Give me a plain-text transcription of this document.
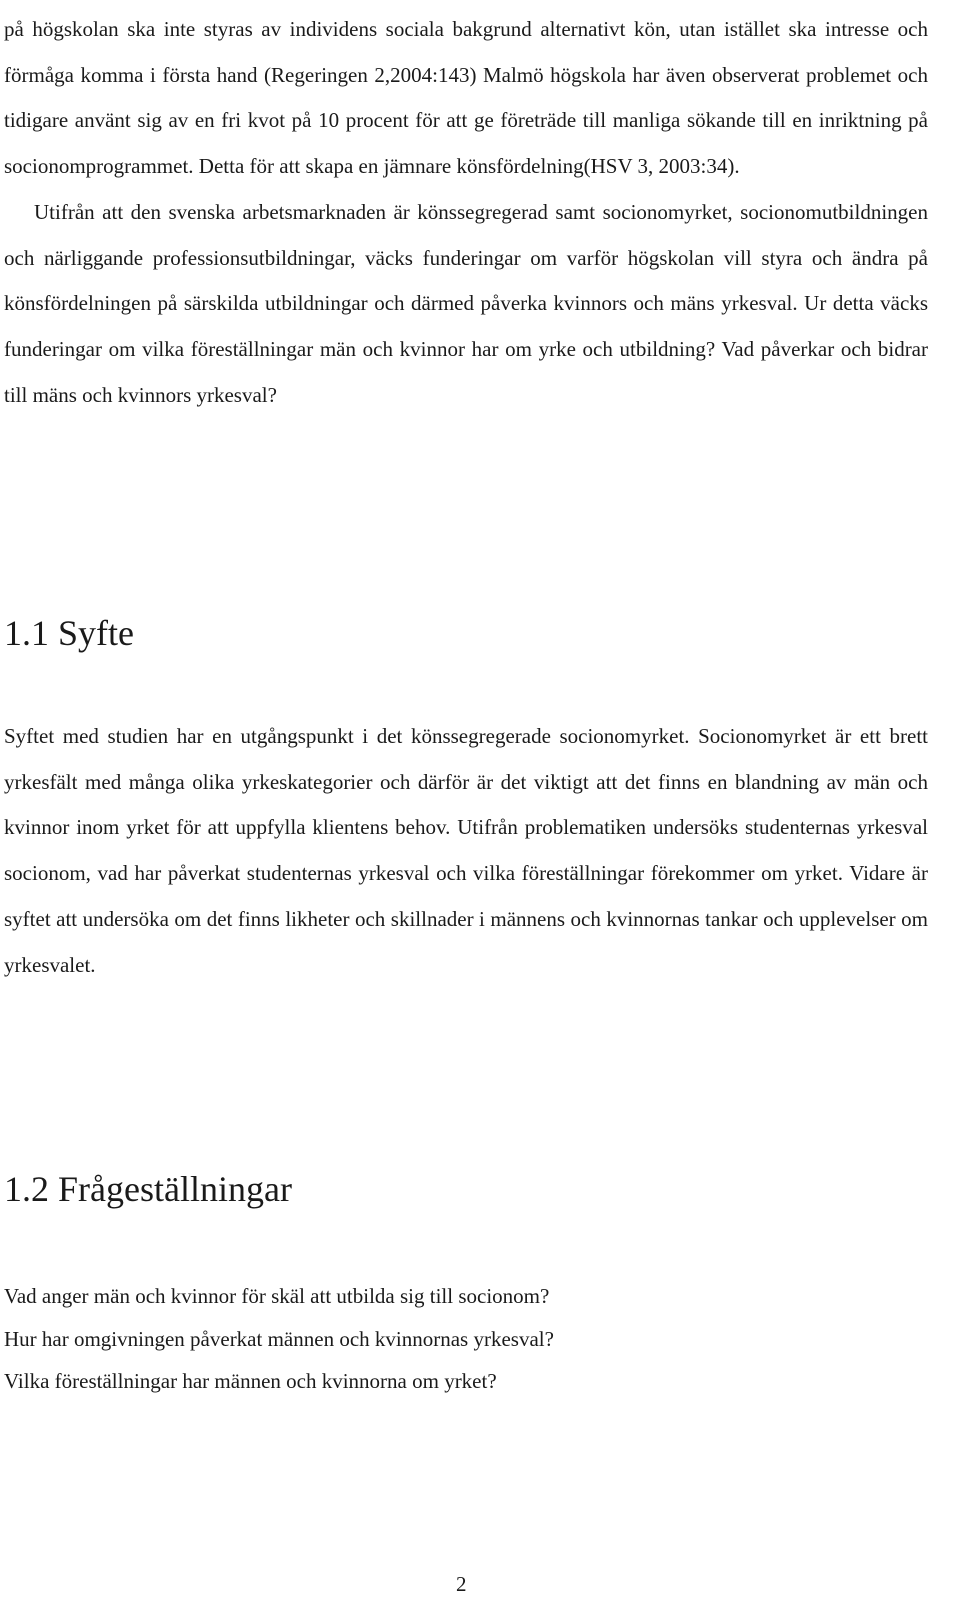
på högskolan ska inte styras av individens sociala bakgrund alternativt kön, utan istället ska intresse och förmåga komma i första hand (Regeringen 2,2004:143) Malmö högskola har även observerat problemet och tidigare använt sig av en fri kvot på 10 procent för att ge företräde till manliga sökande till en inriktning på socionomprogrammet. Detta för att skapa en jämnare könsfördelning(HSV 3, 2003:34).

Utifrån att den svenska arbetsmarknaden är könssegregerad samt socionomyrket, socionomutbildningen och närliggande professionsutbildningar, väcks funderingar om varför högskolan vill styra och ändra på könsfördelningen på särskilda utbildningar och därmed påverka kvinnors och mäns yrkesval. Ur detta väcks funderingar om vilka föreställningar män och kvinnor har om yrke och utbildning? Vad påverkar och bidrar till mäns och kvinnors yrkesval?

1.1 Syfte

Syftet med studien har en utgångspunkt i det könssegregerade socionomyrket. Socionomyrket är ett brett yrkesfält med många olika yrkeskategorier och därför är det viktigt att det finns en blandning av män och kvinnor inom yrket för att uppfylla klientens behov. Utifrån problematiken undersöks studenternas yrkesval socionom, vad har påverkat studenternas yrkesval och vilka föreställningar förekommer om yrket. Vidare är syftet att undersöka om det finns likheter och skillnader i männens och kvinnornas tankar och upplevelser om yrkesvalet.

1.2 Frågeställningar
Vad anger män och kvinnor för skäl att utbilda sig till socionom?
Hur har omgivningen påverkat männen och kvinnornas yrkesval?
Vilka föreställningar har männen och kvinnorna om yrket?

2
